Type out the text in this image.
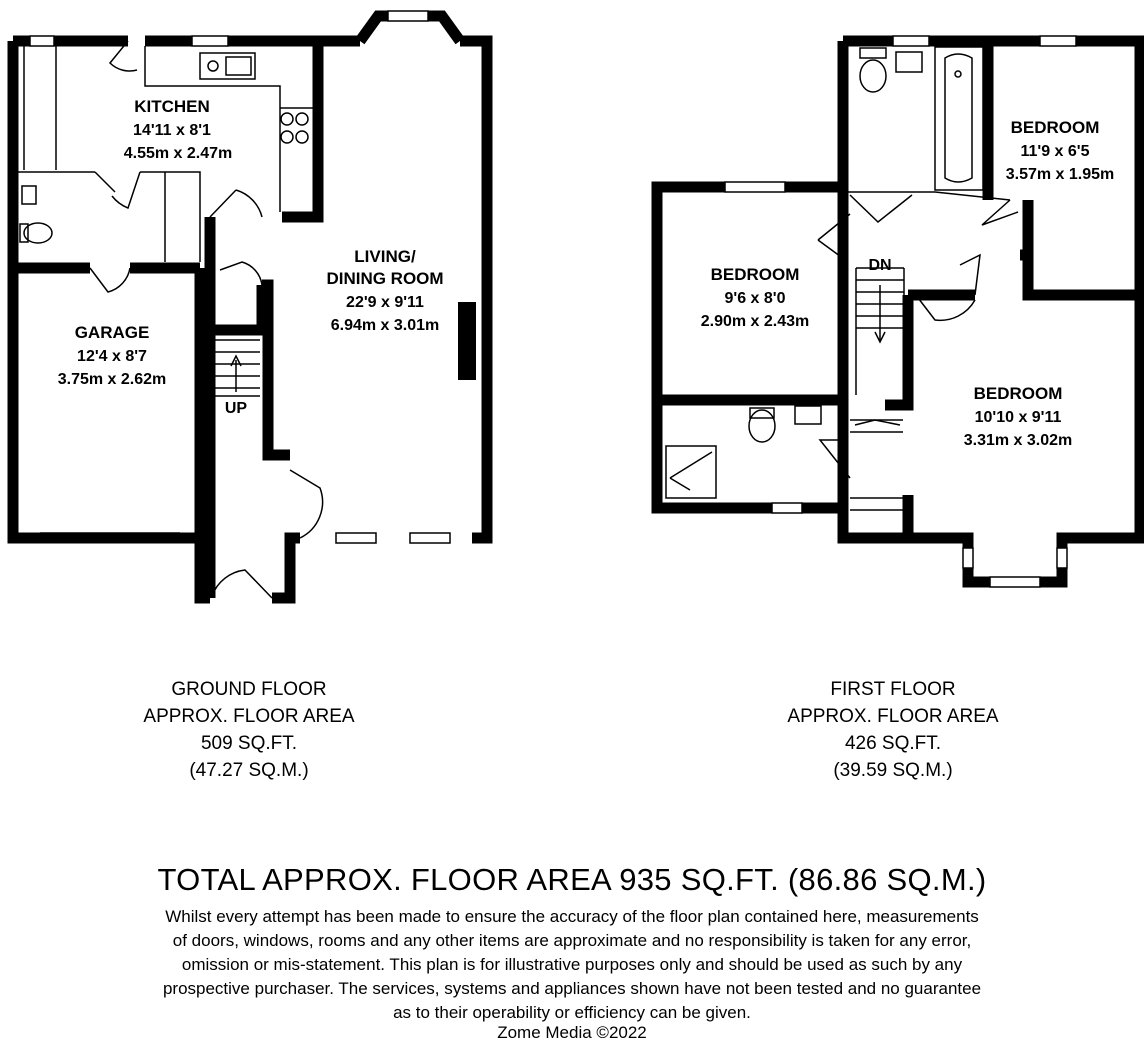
KITCHEN
14'11 x 8'1
4.55m x 2.47m
LIVING/
DINING ROOM
22'9 x 9'11
6.94m x 3.01m
GARAGE
12'4 x 8'7
3.75m x 2.62m
UP
BEDROOM
11'9 x 6'5
3.57m x 1.95m
BEDROOM
9'6 x 8'0
2.90m x 2.43m
BEDROOM
10'10 x 9'11
3.31m x 3.02m
DN
GROUND FLOOR
APPROX. FLOOR AREA
509 SQ.FT.
(47.27 SQ.M.)
FIRST FLOOR
APPROX. FLOOR AREA
426 SQ.FT.
(39.59 SQ.M.)
TOTAL APPROX. FLOOR AREA 935 SQ.FT. (86.86 SQ.M.)
Whilst every attempt has been made to ensure the accuracy of the floor plan contained here, measurements
of doors, windows, rooms and any other items are approximate and no responsibility is taken for any error,
omission or mis-statement. This plan is for illustrative purposes only and should be used as such by any
prospective purchaser. The services, systems and appliances shown have not been tested and no guarantee
as to their operability or efficiency can be given.
Zome Media ©2022
